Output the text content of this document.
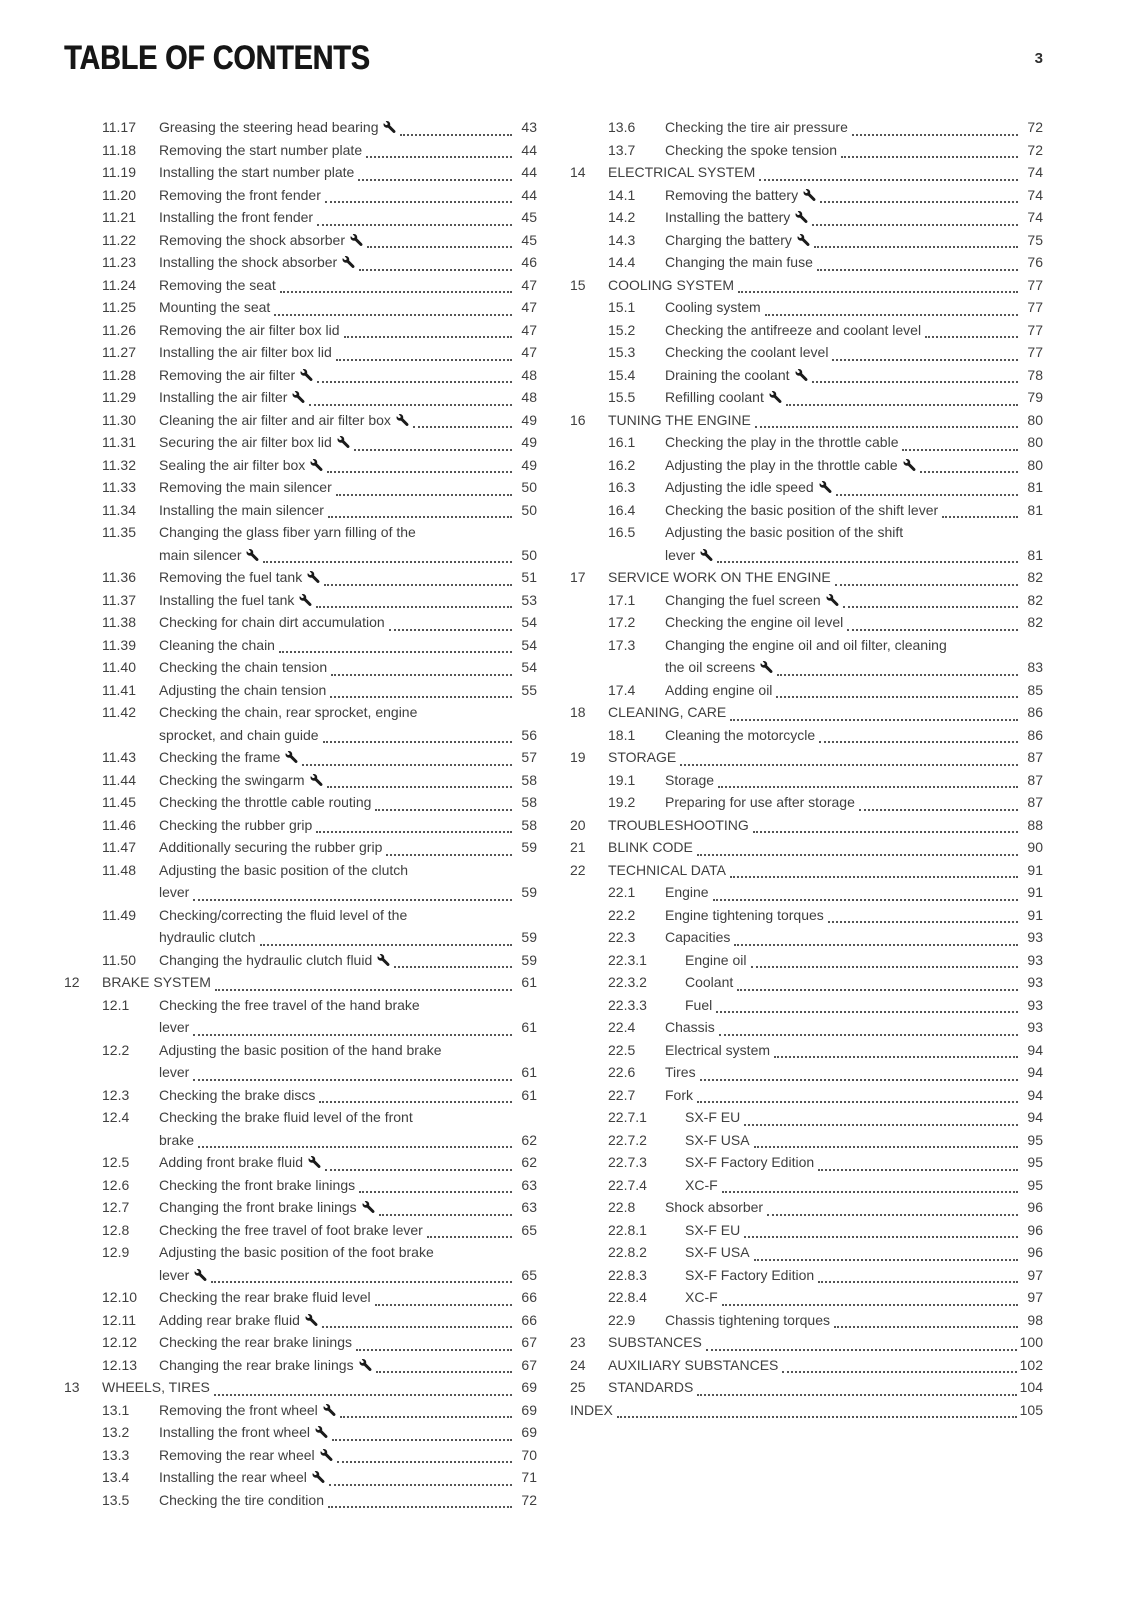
TABLE OF CONTENTS	3
11.17	Greasing the steering head bearing	43
11.18	Removing the start number plate	44
11.19	Installing the start number plate	44
11.20	Removing the front fender	44
11.21	Installing the front fender	45
11.22	Removing the shock absorber	45
11.23	Installing the shock absorber	46
11.24	Removing the seat	47
11.25	Mounting the seat	47
11.26	Removing the air filter box lid	47
11.27	Installing the air filter box lid	47
11.28	Removing the air filter	48
11.29	Installing the air filter	48
11.30	Cleaning the air filter and air filter box	49
11.31	Securing the air filter box lid	49
11.32	Sealing the air filter box	49
11.33	Removing the main silencer	50
11.34	Installing the main silencer	50
11.35	Changing the glass fiber yarn filling of the
main silencer	50
11.36	Removing the fuel tank	51
11.37	Installing the fuel tank	53
11.38	Checking for chain dirt accumulation	54
11.39	Cleaning the chain	54
11.40	Checking the chain tension	54
11.41	Adjusting the chain tension	55
11.42	Checking the chain, rear sprocket, engine
sprocket, and chain guide	56
11.43	Checking the frame	57
11.44	Checking the swingarm	58
11.45	Checking the throttle cable routing	58
11.46	Checking the rubber grip	58
11.47	Additionally securing the rubber grip	59
11.48	Adjusting the basic position of the clutch
lever	59
11.49	Checking/correcting the fluid level of the
hydraulic clutch	59
11.50	Changing the hydraulic clutch fluid	59
12	BRAKE SYSTEM	61
12.1	Checking the free travel of the hand brake
lever	61
12.2	Adjusting the basic position of the hand brake
lever	61
12.3	Checking the brake discs	61
12.4	Checking the brake fluid level of the front
brake	62
12.5	Adding front brake fluid	62
12.6	Checking the front brake linings	63
12.7	Changing the front brake linings	63
12.8	Checking the free travel of foot brake lever	65
12.9	Adjusting the basic position of the foot brake
lever	65
12.10	Checking the rear brake fluid level	66
12.11	Adding rear brake fluid	66
12.12	Checking the rear brake linings	67
12.13	Changing the rear brake linings	67
13	WHEELS, TIRES	69
13.1	Removing the front wheel	69
13.2	Installing the front wheel	69
13.3	Removing the rear wheel	70
13.4	Installing the rear wheel	71
13.5	Checking the tire condition	72
13.6	Checking the tire air pressure	72
13.7	Checking the spoke tension	72
14	ELECTRICAL SYSTEM	74
14.1	Removing the battery	74
14.2	Installing the battery	74
14.3	Charging the battery	75
14.4	Changing the main fuse	76
15	COOLING SYSTEM	77
15.1	Cooling system	77
15.2	Checking the antifreeze and coolant level	77
15.3	Checking the coolant level	77
15.4	Draining the coolant	78
15.5	Refilling coolant	79
16	TUNING THE ENGINE	80
16.1	Checking the play in the throttle cable	80
16.2	Adjusting the play in the throttle cable	80
16.3	Adjusting the idle speed	81
16.4	Checking the basic position of the shift lever	81
16.5	Adjusting the basic position of the shift
lever	81
17	SERVICE WORK ON THE ENGINE	82
17.1	Changing the fuel screen	82
17.2	Checking the engine oil level	82
17.3	Changing the engine oil and oil filter, cleaning
the oil screens	83
17.4	Adding engine oil	85
18	CLEANING, CARE	86
18.1	Cleaning the motorcycle	86
19	STORAGE	87
19.1	Storage	87
19.2	Preparing for use after storage	87
20	TROUBLESHOOTING	88
21	BLINK CODE	90
22	TECHNICAL DATA	91
22.1	Engine	91
22.2	Engine tightening torques	91
22.3	Capacities	93
22.3.1	Engine oil	93
22.3.2	Coolant	93
22.3.3	Fuel	93
22.4	Chassis	93
22.5	Electrical system	94
22.6	Tires	94
22.7	Fork	94
22.7.1	SX-F EU	94
22.7.2	SX-F USA	95
22.7.3	SX-F Factory Edition	95
22.7.4	XC-F	95
22.8	Shock absorber	96
22.8.1	SX-F EU	96
22.8.2	SX-F USA	96
22.8.3	SX-F Factory Edition	97
22.8.4	XC-F	97
22.9	Chassis tightening torques	98
23	SUBSTANCES	100
24	AUXILIARY SUBSTANCES	102
25	STANDARDS	104
INDEX	105
